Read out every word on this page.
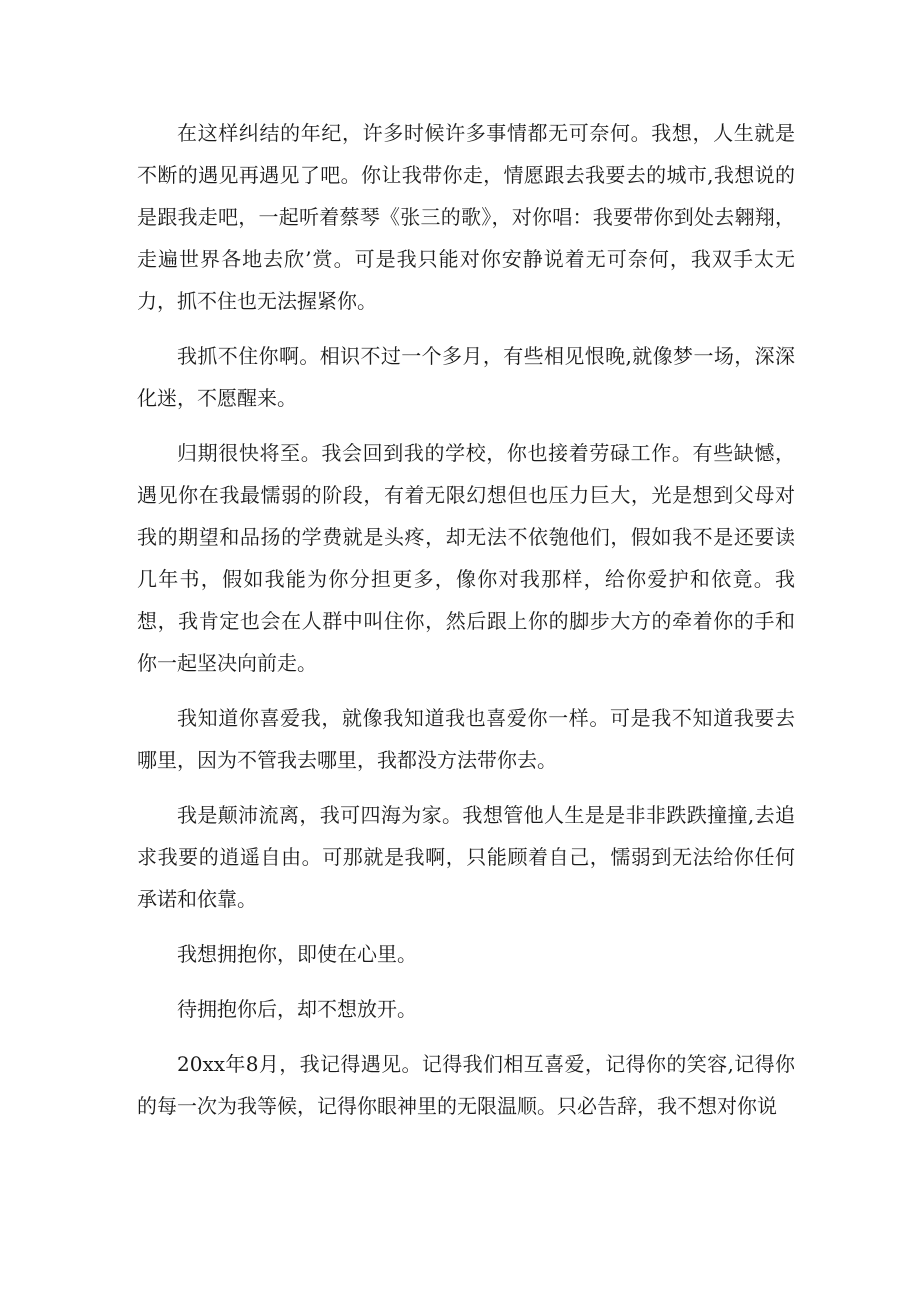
在这样纠结的年纪，许多时候许多事情都无可奈何。我想，人生就是不断的遇见再遇见了吧。你让我带你走，情愿跟去我要去的城市,我想说的是跟我走吧，一起听着蔡琴《张三的歌》，对你唱：我要带你到处去翱翔，走遍世界各地去欣’赏。可是我只能对你安静说着无可奈何，我双手太无力，抓不住也无法握紧你。

我抓不住你啊。相识不过一个多月，有些相见恨晚,就像梦一场，深深化迷，不愿醒来。

归期很快将至。我会回到我的学校，你也接着劳碌工作。有些缺憾，遇见你在我最懦弱的阶段，有着无限幻想但也压力巨大，光是想到父母对我的期望和品扬的学费就是头疼，却无法不依匏他们，假如我不是还要读几年书，假如我能为你分担更多，像你对我那样，给你爱护和依竟。我想，我肯定也会在人群中叫住你，然后跟上你的脚步大方的牵着你的手和你一起坚决向前走。

我知道你喜爱我，就像我知道我也喜爱你一样。可是我不知道我要去哪里，因为不管我去哪里，我都没方法带你去。

我是颠沛流离，我可四海为家。我想管他人生是是非非跌跌撞撞,去追求我要的逍遥自由。可那就是我啊，只能顾着自己，懦弱到无法给你任何承诺和依靠。

我想拥抱你，即使在心里。

待拥抱你后，却不想放开。

20xx年8月，我记得遇见。记得我们相互喜爱，记得你的笑容,记得你的每一次为我等候，记得你眼神里的无限温顺。只必告辞，我不想对你说
